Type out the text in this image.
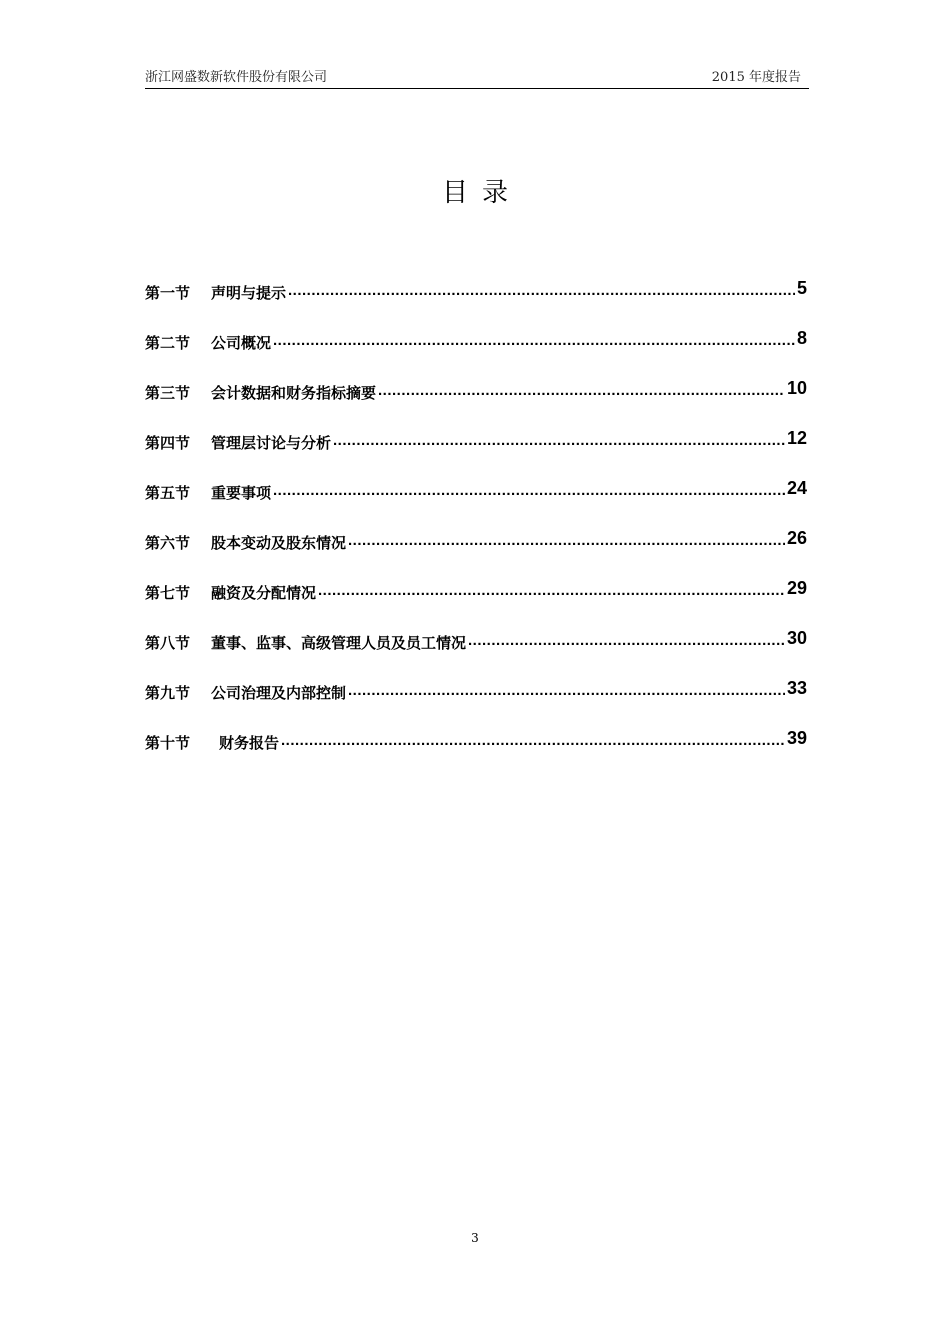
浙江网盛数新软件股份有限公司	2015 年度报告
目录
第一节	声明与提示 .....	5
第二节	公司概况 .....	8
第三节	会计数据和财务指标摘要 .....	10
第四节	管理层讨论与分析 .....	12
第五节	重要事项 .....	24
第六节	股本变动及股东情况 .....	26
第七节	融资及分配情况 .....	29
第八节	董事、监事、高级管理人员及员工情况 .....	30
第九节	公司治理及内部控制 .....	33
第十节	财务报告 .....	39
3
